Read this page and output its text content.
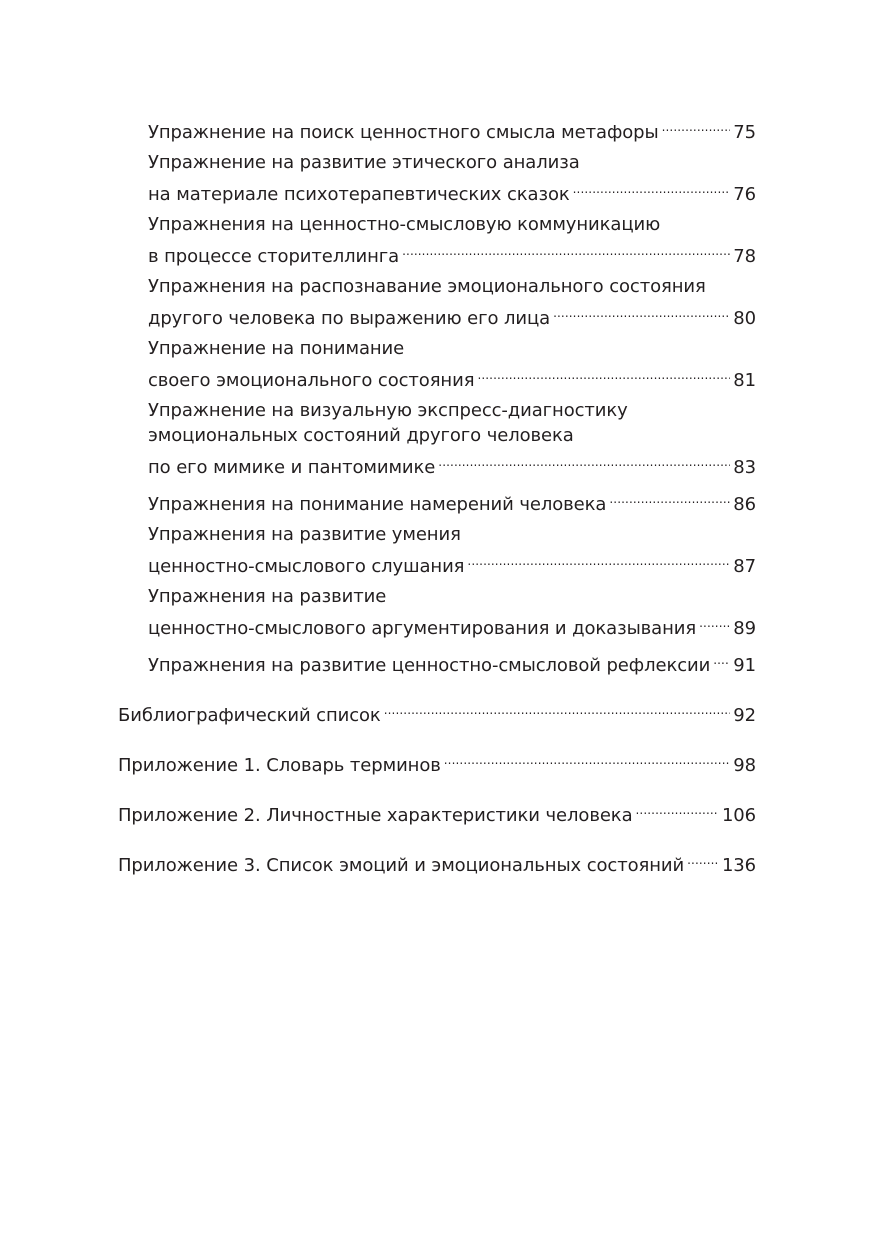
Упражнение на поиск ценностного смысла метафоры .....	75
Упражнение на развитие этического анализа
на материале психотерапевтических сказок .....	76
Упражнения на ценностно-смысловую коммуникацию
в процессе сторителлинга .....	78
Упражнения на распознавание эмоционального состояния
другого человека по выражению его лица .....	80
Упражнение на понимание
своего эмоционального состояния .....	81
Упражнение на визуальную экспресс-диагностику
эмоциональных состояний другого человека
по его мимике и пантомимике .....	83
Упражнения на понимание намерений человека .....	86
Упражнения на развитие умения
ценностно-смыслового слушания .....	87
Упражнения на развитие
ценностно-смыслового аргументирования и доказывания ..... 89
Упражнения на развитие ценностно-смысловой рефлексии ..... 91
Библиографический список .....	92
Приложение 1. Словарь терминов .....	98
Приложение 2. Личностные характеристики человека .....	106
Приложение 3. Список эмоций и эмоциональных состояний ..... 136
